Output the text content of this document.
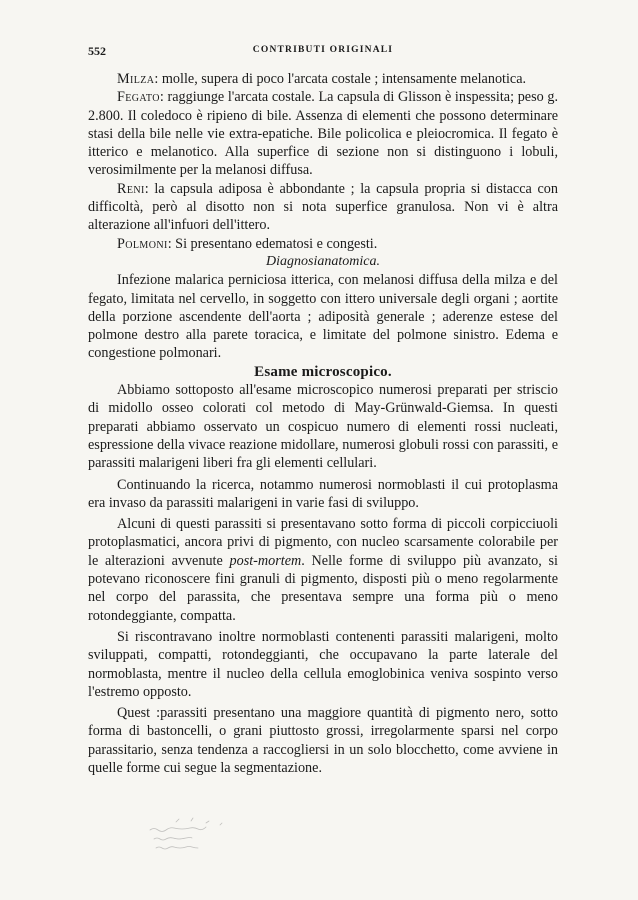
552	CONTRIBUTI ORIGINALI

Milza: molle, supera di poco l'arcata costale ; intensamente melanotica.

Fegato: raggiunge l'arcata costale. La capsula di Glisson è inspessita; peso g. 2.800. Il coledoco è ripieno di bile. Assenza di elementi che possono determinare stasi della bile nelle vie extra-epatiche. Bile policolica e pleiocromica. Il fegato è itterico e melanotico. Alla superfice di sezione non si distinguono i lobuli, verosimilmente per la melanosi diffusa.

Reni: la capsula adiposa è abbondante ; la capsula propria si distacca con difficoltà, però al disotto non si nota superfice granulosa. Non vi è altra alterazione all'infuori dell'ittero.

Polmoni: Si presentano edematosi e congesti.

Diagnosianatomica.

Infezione malarica perniciosa itterica, con melanosi diffusa della milza e del fegato, limitata nel cervello, in soggetto con ittero universale degli organi ; aortite della porzione ascendente dell'aorta ; adiposità generale ; aderenze estese del polmone destro alla parete toracica, e limitate del polmone sinistro. Edema e congestione polmonari.

Esame microscopico.

Abbiamo sottoposto all'esame microscopico numerosi preparati per striscio di midollo osseo colorati col metodo di May-Grünwald-Giemsa. In questi preparati abbiamo osservato un cospicuo numero di elementi rossi nucleati, espressione della vivace reazione midollare, numerosi globuli rossi con parassiti, e parassiti malarigeni liberi fra gli elementi cellulari.

Continuando la ricerca, notammo numerosi normoblasti il cui protoplasma era invaso da parassiti malarigeni in varie fasi di sviluppo.

Alcuni di questi parassiti si presentavano sotto forma di piccoli corpicciuoli protoplasmatici, ancora privi di pigmento, con nucleo scarsamente colorabile per le alterazioni avvenute post-mortem. Nelle forme di sviluppo più avanzato, si potevano riconoscere fini granuli di pigmento, disposti più o meno regolarmente nel corpo del parassita, che presentava sempre una forma più o meno rotondeggiante, compatta.

Si riscontravano inoltre normoblasti contenenti parassiti malarigeni, molto sviluppati, compatti, rotondeggianti, che occupavano la parte laterale del normoblasta, mentre il nucleo della cellula emoglobinica veniva sospinto verso l'estremo opposto.

Quest :parassiti presentano una maggiore quantità di pigmento nero, sotto forma di bastoncelli, o grani piuttosto grossi, irregolarmente sparsi nel corpo parassitario, senza tendenza a raccogliersi in un solo blocchetto, come avviene in quelle forme cui segue la segmentazione.
